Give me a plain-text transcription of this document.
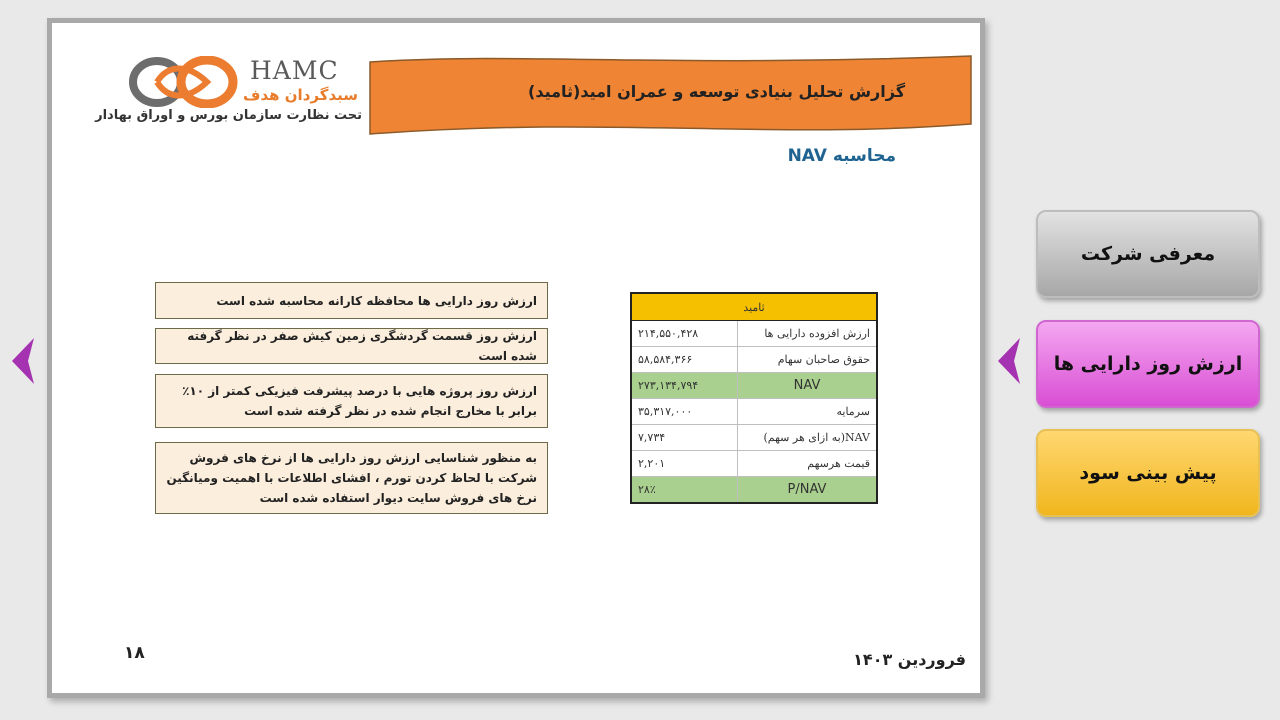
HAMC
سبدگردان هدف
تحت نظارت سازمان بورس و اوراق بهادار
گزارش تحلیل بنیادی توسعه و عمران امید(ثامید)
محاسبه NAV
ارزش روز دارایی ها محافظه کارانه محاسبه شده است
ارزش روز قسمت گردشگری زمین کیش صفر در نظر گرفته شده است
ارزش روز پروژه هایی با درصد پیشرفت فیزیکی کمتر از ۱۰٪ برابر با مخارج انجام شده در نظر گرفته شده است
به منظور شناسایی ارزش روز دارایی ها از نرخ های فروش شرکت با لحاظ کردن تورم ، افشای اطلاعات با اهمیت ومیانگین نرخ های فروش سایت دیوار استفاده شده است
ثامید	
ارزش افزوده دارایی ها	۲۱۴,۵۵۰,۴۲۸
حقوق صاحبان سهام	۵۸,۵۸۴,۳۶۶
NAV	۲۷۳,۱۳۴,۷۹۴
سرمایه	۳۵,۳۱۷,۰۰۰
NAV(به ازای هر سهم)	۷,۷۳۴
قیمت هرسهم	۲,۲۰۱
P/NAV	۲۸٪
۱۸	فروردین ۱۴۰۳
معرفی شرکت
ارزش روز دارایی ها
پیش بینی سود
